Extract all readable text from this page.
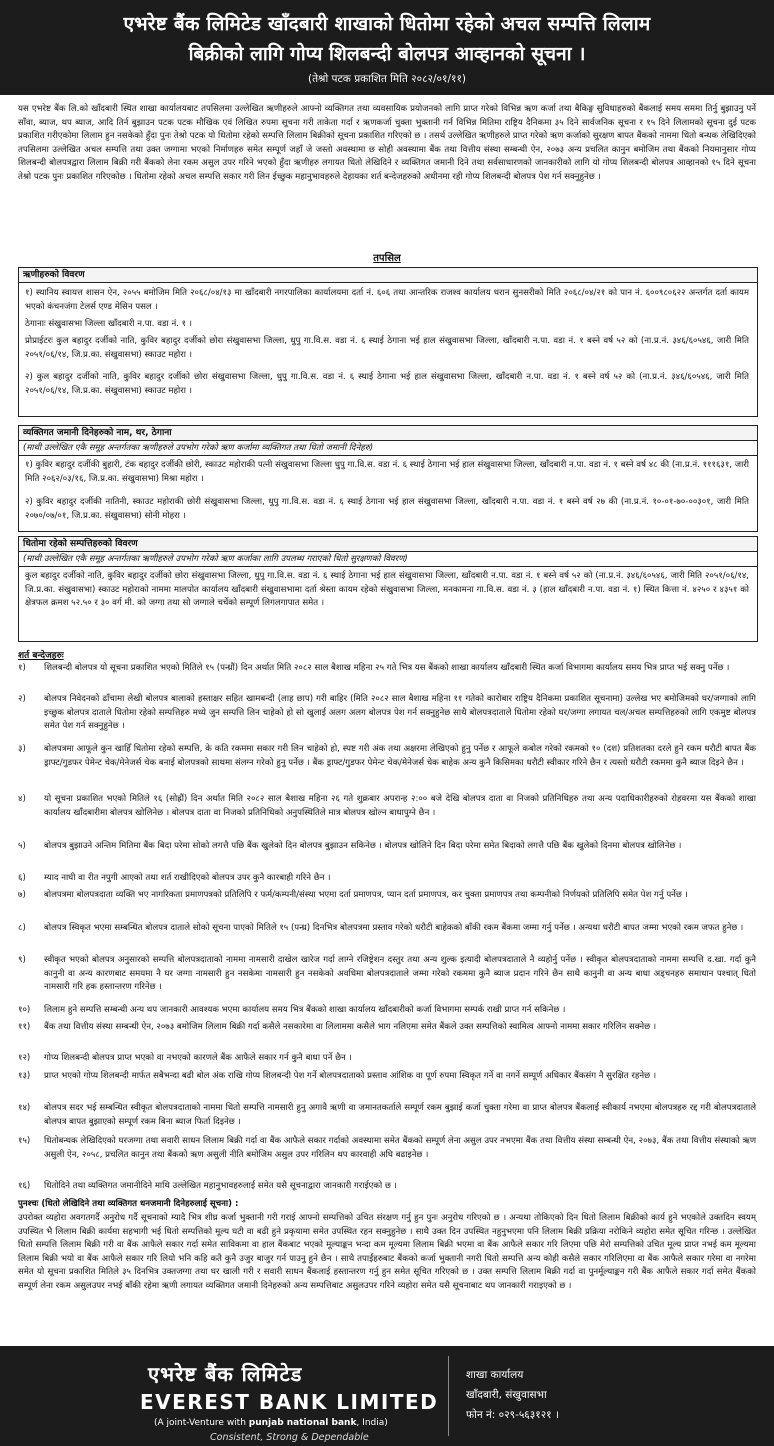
एभरेष्ट बैंक लिमिटेड खाँदबारी शाखाको धितोमा रहेको अचल सम्पत्ति लिलाम
बिक्रीको लागि गोप्य शिलबन्दी बोलपत्र आव्हानको सूचना ।
(तेश्रो पटक प्रकाशित मिति २०८२/०१/११)
यस एभरेष्ट बैंक लि.को खाँदबारी स्थित शाखा कार्यालयबाट तपसिलमा उल्लेखित ऋणीहरुले आफ्नो व्यक्तिगत तथा व्यवसायिक प्रयोजनको लागि प्राप्त गरेको विभिन्न ऋण कर्जा तथा बैकिङ्ग सुविधाहरुको बैंकलाई समय सममा तिर्नु बुझाउनु पर्ने साँवा, ब्याज, थप ब्याज, आदि तिर्न बुझाउन पटक पटक मौखिक एवं लिखित रुपमा सूचना गरी ताकेता गर्दा र ऋणकर्जा चुक्ता भुक्तानी गर्न विभिन्न मितिमा राष्ट्रिय दैनिकमा ३५ दिने सार्वजनिक सूचना र १५ दिने लिलामको सूचना दुई पटक प्रकाशित गरीएकोमा लिलाम हुन नसकेको हुँदा पुनः तेश्रो पटक यो धितोमा रहेको सम्पत्ति लिलाम बिक्रीको सूचना प्रकाशित गरिएको छ । तसर्थ उल्लेखित ऋणीहरुले प्राप्त गरेको ऋण कर्जाको सुरक्षण बापत बैंकको नाममा धितो बन्धक लेखिदिएको तपसिलमा उल्लेखित अचल सम्पत्ति तथा उक्त जग्गामा भएको निर्माणहरु समेत सम्पूर्ण जहाँ जे जस्तो अवस्थामा छ सोही अवस्थामा बैंक तथा वित्तीय संस्था सम्बन्धी ऐन, २०७३ अन्य प्रचलित कानुन बमोजिम तथा बैंकको नियमानुसार गोप्य शिलबन्दी बोलपत्रद्वारा लिलाम बिक्री गरी बैंकको लेना रकम असुल उपर गरिने भएको हुँदा ऋणीहरु लगायत धितो लेखिदिने र व्यक्तिगत जमानी दिने तथा सर्वसाधारणको जानकारीको लागि यो गोप्य शिलबन्दी बोलपत्र आव्हानको १५ दिने सूचना तेश्रो पटक पुनः प्रकाशित गरिएकोछ । धितोमा रहेको अचल सम्पत्ति सकार गरी लिन ईच्छुक महानुभावहरुले देहायका शर्त बन्देजहरुको अधीनमा रही गोप्य शिलबन्दी बोलपत्र पेश गर्न सक्नुहुनेछ ।
तपसिल
ऋणीहरुको विवरण
१) स्थानिय स्वायत्त शासन ऐन, २०५५ बमोजिम मिति २०६८/०४/१३ मा खाँदबारी नगरपालिका कार्यालयमा दर्ता नं. ६०६ तथा आन्तरिक राजश्व कार्यालय धरान सुनसरीको मिति २०६८/०४/२१ को पान नं. ६००९८०६२२ अन्तर्गत दर्ता कायम भएको कंचनजंगा टेलर्स एण्ड मेसिन पसल ।
ठेगानाः संखुवासभा जिल्ला खाँदबारी न.पा. वडा नं. १ ।
प्रोप्राईटरः कुल बहादुर दर्जीको नाति, कुविर बहादुर दर्जीको छोरा संखुवासभा जिल्ला, धुपु गा.वि.स. वडा नं. ६ स्थाई ठेगाना भई हाल संखुवासभा जिल्ला, खाँदबारी न.पा. वडा नं. १ बस्ने वर्ष ५२ को (ना.प्र.नं. ३४६/६०५४६, जारी मिति २०५१/०६/१४, जि.प्र.का. संखुवासभा) स्काउट महोरा ।
२) कुल बहादुर दर्जीको नाति, कुविर बहादुर दर्जीको छोरा संखुवासभा जिल्ला, धुपु गा.वि.स. वडा नं. ६ स्थाई ठेगाना भई हाल संखुवासभा जिल्ला, खाँदबारी न.पा. वडा नं. १ बस्ने वर्ष ५२ को (ना.प्र.नं. ३४६/६०५४६, जारी मिति २०५१/०६/१४, जि.प्र.का. संखुवासभा) स्काउट महोरा ।
व्यक्तिगत जमानी दिनेहरुको नाम, थर, ठेगाना
(माथी उल्लेखित एकै समूह अन्तर्गतका ऋणीहरुले उपभोग गरेको ऋण कर्जामा व्यक्तिगत तथा धितो जमानी दिनेहरु)
१) कुविर बहादुर दर्जीकी बुहारी, टंक बहादुर दर्जीकी छोरी, स्काउट महोराकी पत्नी संखुवासभा जिल्ला धुपु गा.वि.स. वडा नं. ६ स्थाई ठेगाना भई हाल संखुवासभा जिल्ला, खाँदबारी न.पा. वडा नं. १ बस्ने वर्ष ४८ की (ना.प्र.नं. १११६३१, जारी मिति २०६२/०३/१६, जि.प्र.का. संखुवासभा) मिश्रा महोरा ।
२) कुविर बहादुर दर्जीकी नातिनी, स्काउट महोराकी छोरी संखुवासभा जिल्ला, धुपु गा.वि.स. वडा नं. ६ स्थाई ठेगाना भई हाल संखुवासभा जिल्ला, खाँदबारी न.पा. वडा नं. १ बस्ने वर्ष २७ की (ना.प्र.नं. १०-०१-७०-००३०१, जारी मिति २०७०/०७/०१, जि.प्र.का. संखुवासभा) सोनी मोहरा ।
धितोमा रहेको सम्पत्तिहरुको विवरण
(माथी उल्लेखित एकै समूह अन्तर्गतका ऋणीहरुले उपभोग गरेको ऋण कर्जाका लागि उपलब्ध गराएको धितो सुरक्षणको विवरण)
कुल बहादुर दर्जीको नाति, कुविर बहादुर दर्जीको छोरा संखुवासभा जिल्ला, धुपु गा.वि.स. वडा नं. ६ स्थाई ठेगाना भई हाल संखुवासभा जिल्ला, खाँदबारी न.पा. वडा नं. १ बस्ने वर्ष ५२ को (ना.प्र.नं. ३४६/६०५४६, जारी मिति २०५१/०६/१४, जि.प्र.का. संखुवासभा) स्काउट महोराको नाममा मालपोत कार्यालय खाँदबारी संखुवासभामा दर्ता श्रेस्ता कायम रहेको संखुवासभा जिल्ला, मनकामना गा.वि.स. वडा नं. ३ (हाल खाँदबारी न.पा. वडा नं. १) स्थित कित्ता नं. ४२५० र ४३५१ को क्षेत्रफल क्रमश ५२.५० र ३० वर्ग मी. को जग्गा तथा सो जग्गाले चर्चेको सम्पूर्ण लिगलगापात समेत ।
शर्त बन्देजहरुः
१)	शिलबन्दी बोलपत्र यो सूचना प्रकाशित भएको मितिले १५ (पन्ध्रौं) दिन अर्थात मिति २०८२ साल बैशाख महिना २५ गते भित्र यस बैंकको शाखा कार्यालय खाँदबारी स्थित कर्जा विभागमा कार्यालय समय भित्र प्राप्त भई सक्नु पर्नेछ ।
२)	बोलपत्र निवेदनको ढाँचामा लेखी बोलपत्र बालाको हस्ताक्षर सहित खामबन्दी (लाह छाप) गरी बाहिर (मिति २०८२ साल बैशाख महिना ११ गतेको कारोबार राष्ट्रिय दैनिकमा प्रकाशित सूचनामा) उल्लेख भए बमोजिमको घर/जग्गाको लागि इच्छुक बोलपत्र दाताले धितोमा रहेको सम्पत्तिहरु मध्ये जुन सम्पत्ति लिन चाहेको हो सो खुलाई अलग अलग बोलपत्र पेश गर्न सक्नुहुनेछ साथै बोलपत्रदाताले धितोमा रहेको घर/जग्गा लगायत चल/अचल सम्पत्तिहरुको लागि एकमुष्ट बोलपत्र समेत पेश गर्न सक्नुहुनेछ ।
३)	बोलपत्रमा आफूले कुन खाहिँ धितोमा रहेको सम्पत्ति, के कति रकममा सकार गरी लिन चाहेको हो, स्पष्ट गरी अंक तथा अक्षरमा लेखिएको हुनु पर्नेछ र आफूले कबोल गरेको रकमको १० (दश) प्रतिशतका दरले हुने रकम धरौटी बापत बैंक ड्राफ्ट/गुडफर पेमेन्ट चेक/मेनेजर्स चेक बनाई बोलपत्रको साथमा संलग्न गरेको हुनु पर्नेछ । बैंक ड्राफ्ट/गुडफर पेमेन्ट चेक/मेनेजर्स चेक बाहेक अन्य कुनै किसिमका धरौटी स्वीकार गरिने छैन र त्यस्तो धरौटी रकममा कुनै ब्याज दिइने छैन ।
४)	यो सूचना प्रकाशित भएको मितिले १६ (सोह्रौं) दिन अर्थात मिति २०८२ साल बैशाख महिना २६ गते शुक्रबार अपरान्ह २:०० बजे देखि बोलपत्र दाता वा निजको प्रतिनिधिहरु तथा अन्य पदाधिकारीहरुको रोहवरमा यस बैंकको शाखा कार्यालय खाँदबारीमा बोलपत्र खोलिनेछ । बोलपत्र दाता वा निजको प्रतिनिधिको अनुपस्थितिले मात्र बोलपत्र खोल्न बाधापुग्ने छैन ।
५)	बोलपत्र बुझाउने अन्तिम मितिमा बैंक बिदा परेमा सोको लगत्तै पछि बैंक खुलेको दिन बोलपत्र बुझाउन सकिनेछ । बोलपत्र खोलिने दिन बिदा परेमा समेत बिदाको लगत्तै पछि बैंक खुलेको दिनमा बोलपत्र खोलिनेछ ।
६)	म्याद नाघी वा रीत नपुगी आएको तथा शर्त राखीदिएको बोलपत्र उपर कुनै कारबाही गरिने छैन ।
७)	बोलपत्रमा बोलपत्रदाता व्यक्ति भए नागरिकता प्रमाणपत्रको प्रतिलिपि र फर्म/कम्पनी/संस्था भएमा दर्ता प्रमाणपत्र, प्यान दर्ता प्रमाणपत्र, कर चुक्ता प्रमाणपत्र तथा कम्पनीको निर्णयको प्रतिलिपि समेत पेश गर्नु पर्नेछ ।
८)	बोलपत्र स्विकृत भएमा सम्बन्धित बोलपत्र दाताले सोको सूचना पाएको मितिले १५ (पन्ध्र) दिनभित्र बोलपत्रमा प्रस्ताव गरेको धरौटी बाहेकको बाँकी रकम बैंकमा जम्मा गर्नु पर्नेछ । अन्यथा धरौटी बापत जम्मा भएको रकम जफत हुनेछ ।
९)	स्वीकृत भएको बोलपत्र अनुसारको सम्पत्ति बोलपत्रदाताको नाममा नामसारी दाखेल खारेज गर्दा लाग्ने रजिष्ट्रेशन दस्तुर तथा अन्य शुल्क इत्यादी बोलपत्रदाताले नै व्यहोर्नु पर्नेछ । स्वीकृत बोलपत्रदाताको नाममा सम्पत्ति द.खा. गर्दा कुनै कानुनी वा अन्य कारणबाट समयमा नै घर जग्गा नामसारी हुन नसकेमा नामसारी हुन नसकेको अवधिमा बोलपत्रदाताले जम्मा गरेको रकममा कुनै ब्याज प्रदान गरिने छैन साथै कानुनी वा अन्य बाधा अड्चनहरु समाधान पश्चात् धितो नामसारी गरि हक हस्तान्तरण गरिनेछ ।
१०)	लिलाम हुने सम्पत्ति सम्बन्धी अन्य थप जानकारी आवश्यक भएमा कार्यालय समय भित्र बैंकको शाखा कार्यालय खाँदबारीको कर्जा विभागमा सम्पर्क राखी प्राप्त गर्न सकिनेछ ।
११)	बैंक तथा वित्तीय संस्था सम्बन्धी ऐन, २०७३ बमोजिम लिलाम बिक्री गर्दा कसैले नसकारेमा वा लिलाममा कसैले भाग नलिएमा समेत बैंकले उक्त सम्पत्तिको स्वामित्व आफ्नो नाममा सकार गरिलिन सक्नेछ ।
१२)	गोप्य शिलबन्दी बोलपत्र प्राप्त भएको वा नभएको कारणले बैंक आफैले सकार गर्न कुनै बाधा पर्ने छैन ।
१३)	प्राप्त भएको गोप्य शिलबन्दी मार्फत सबैभन्दा बढी बोल अंक राखि गोप्य शिलबन्दी पेश गर्ने बोलपत्रदाताको प्रस्ताव आंशिक वा पूर्ण रुपमा स्विकृत गर्ने वा नगर्ने सम्पूर्ण अधिकार बैंकसंग नै सुरक्षित रहनेछ ।
१४)	बोलपत्र सदर भई सम्बन्धित स्वीकृत बोलपत्रदाताको नाममा धितो सम्पत्ति नामसारी हुनु अगावै ऋणी वा जमानतकर्ताले सम्पूर्ण रकम बुझाई कर्जा चुक्ता गरेमा वा प्राप्त बोलपत्र बैंकलाई स्वीकार्य नभएमा बोलपत्रहरु रद्द गरी बोलपत्रदाताले बोलपत्र बापत बुझाएको सम्पूर्ण रकम बिना ब्याज फिर्ता दिइनेछ ।
१५)	धितोबन्धक लेखिदिएको घरजग्गा तथा सवारी साधन लिलाम बिक्री गर्दा वा बैंक आफैले सकार गर्दाको अवस्थामा समेत बैंकको सम्पूर्ण लेना असुल उपर नभएमा बैंक तथा वित्तीय संस्था सम्बन्धी ऐन, २०७३, बैंक तथा वित्तीय संस्थाको ऋण असुली ऐन, २०५८, प्रचलित कानुन तथा बैंकको ऋण असुली नीति बमोजिम असुल उपर गरिलिन थप कारवाही अघि बढाइनेछ ।
१६)	धितोदिने तथा व्यक्तिगत जमानीदिने माथि उल्लेखित महानुभावहरुलाई समेत यसै सूचनाद्वारा जानकारी गराईएको छ ।
पुनश्चः (धितो लेखिदिने तथा व्यक्तिगत धनजमानी दिनेहरुलाई सूचना) :
उपरोक्त व्यहोरा अवगतगर्दै अनुरोध गर्दै सूचनाको म्यादै भित्र शीघ्र कर्जा भुक्तानी गरी गराई आफ्नो सम्पत्तिको उचित संरक्षण गर्नु हुन पुनः अनुरोध गरिएको छ । अन्यथा तोकिएको दिन धितो लिलाम बिक्रीको कार्य हुने भएकोले उक्तदिन स्वयम् उपस्थित भै लिलाम बिक्री कार्यमा सहभागी भई धितो सम्पत्तिको मूल्य घटी वा बढी हुने प्रकृयामा समेत उपस्थित रहन सक्नुहुनेछ । साथै उक्त दिन उपस्थित नहुनुभएमा पनि लिलाम बिक्री प्रक्रिया नरोकिने व्यहोरा समेत सूचित गरिन्छ । उल्लेखित धितो सम्पत्ति लिलाम बिक्री गरी वा बैंक आफैले सकार गर्दा समेत साविकमा वा हाल बैंकबाट भएको मूल्याङ्कन भन्दा कम मूल्यमा लिलाम बिक्री भएमा वा बैंक आफैले सकार गरि लिएमा पछि मेरो सम्पत्तिको उचित मूल्य प्राप्त नभई कम मूल्यमा लिलाम बिक्री भयो वा बैंक आफैले सकार गरि लियो भनि कहि कतै कुनै उजुर बाजुर गर्न पाउनु हुने छैन । साथै तपाईंहरुबाट बैंकको कर्जा भुक्तानी नगरी धितो सम्पत्ति अन्य कोही कसैले सकार गरिलिएमा वा बैंक आफैले सकार गरेमा वा नगरेमा समेत यो सूचना प्रकाशित मितिले ३५ दिनभित्र उक्तजग्गा तथा घर खाली गरी र सवारी साधन बैंकलाई हस्तान्तरण गर्नु हुन समेत सूचित गरिएको छ । उक्त सम्पत्ति लिलाम बिक्री गर्दा वा पुनर्मूल्याङ्कन गरी बैंक आफैले सकार गर्दा समेत बैंकको सम्पूर्ण लेना रकम असुलउपर नभई बाँकी रहेमा ऋणी लगायत व्यक्तिगत जमानी दिनेहरुको अन्य सम्पत्तिबाट असुलउपर गरिने व्यहोरा समेत यसै सूचनाबाट थप जानकारी गराइएको छ ।
एभरेष्ट बैंक लिमिटेड
EVEREST BANK LIMITED
(A joint-Venture with punjab national bank, India)
Consistent, Strong & Dependable
शाखा कार्यालय
खाँदबारी, संखुवासभा
फोन नं: ०२९-५६३१२१ ।
